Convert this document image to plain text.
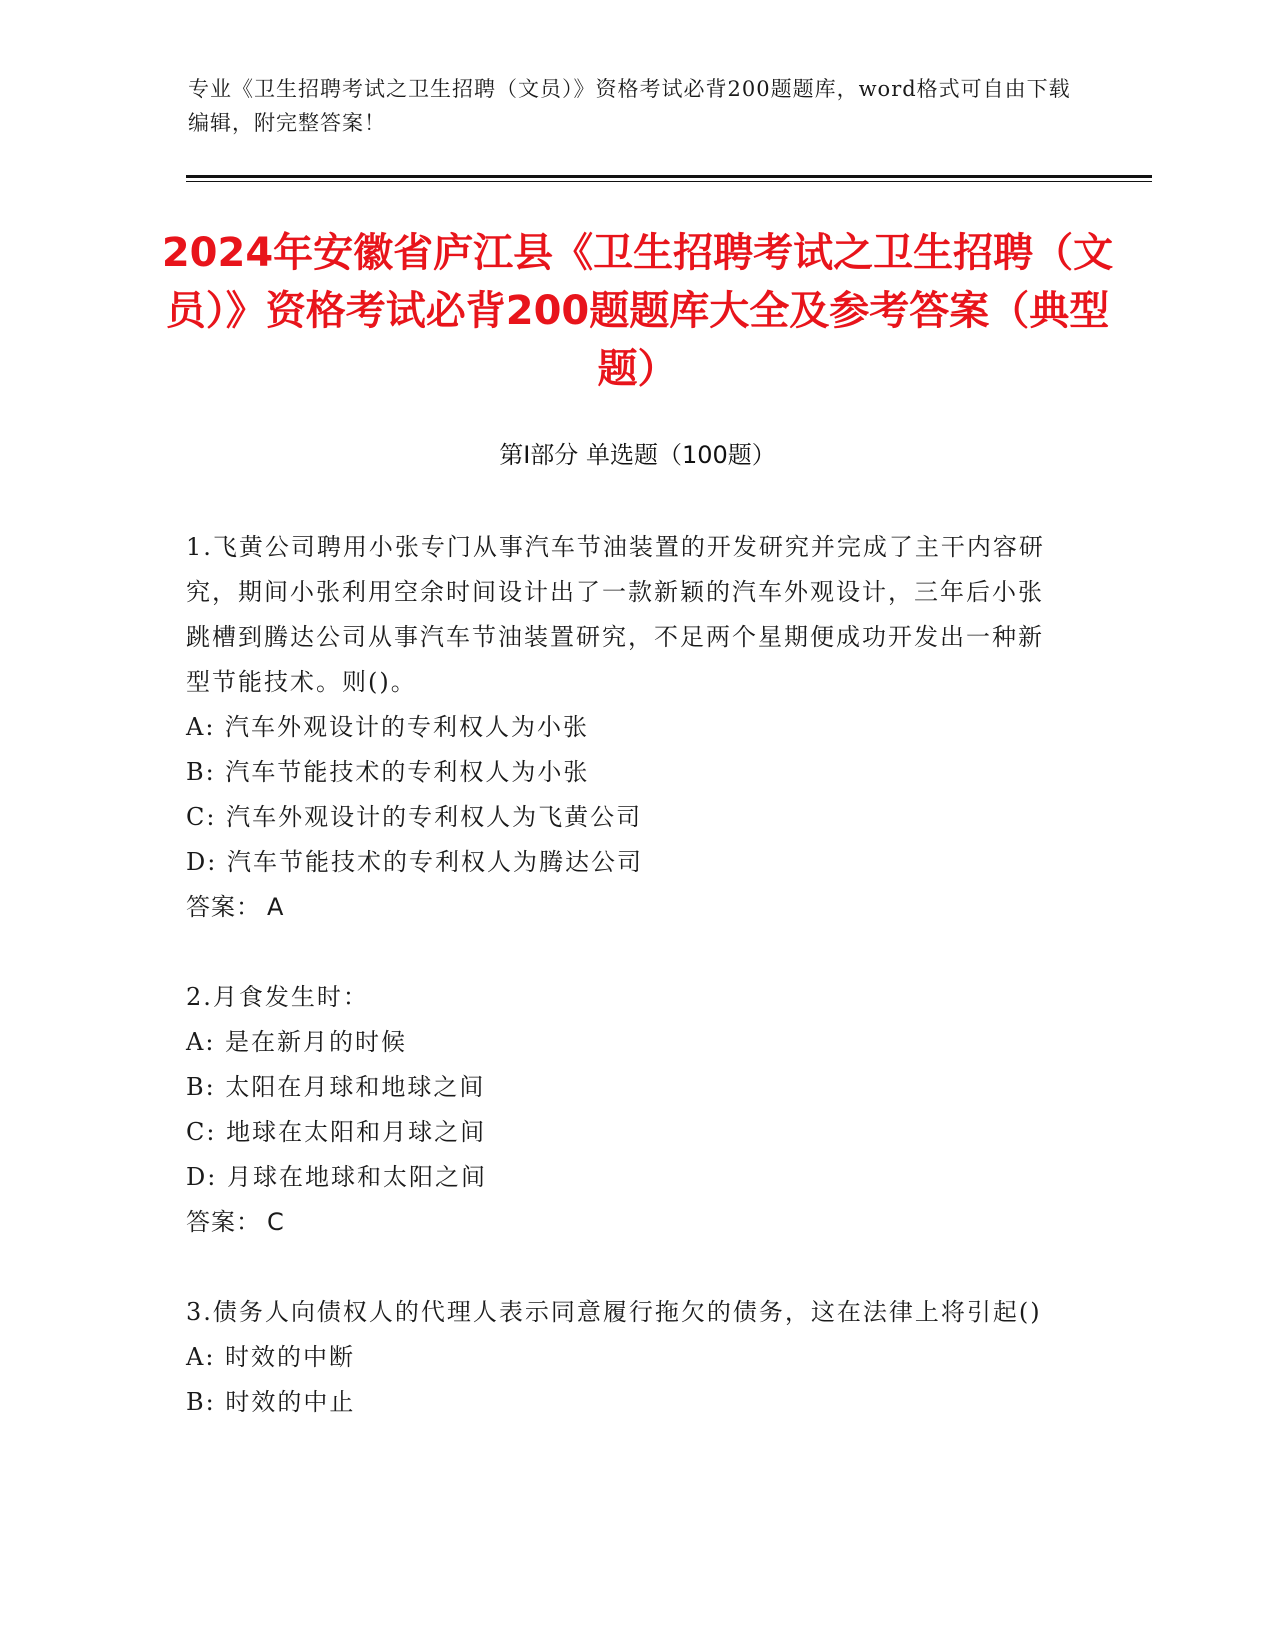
专业《卫生招聘考试之卫生招聘（文员）》资格考试必背200题题库，word格式可自由下载编辑，附完整答案！
2024年安徽省庐江县《卫生招聘考试之卫生招聘（文员）》资格考试必背200题题库大全及参考答案（典型题）
第Ⅰ部分 单选题（100题）

1.飞黄公司聘用小张专门从事汽车节油装置的开发研究并完成了主干内容研究，期间小张利用空余时间设计出了一款新颖的汽车外观设计，三年后小张跳槽到腾达公司从事汽车节油装置研究，不足两个星期便成功开发出一种新型节能技术。则()。

A: 汽车外观设计的专利权人为小张

B: 汽车节能技术的专利权人为小张

C: 汽车外观设计的专利权人为飞黄公司

D: 汽车节能技术的专利权人为腾达公司

答案： A

2.月食发生时：

A: 是在新月的时候

B: 太阳在月球和地球之间

C: 地球在太阳和月球之间

D: 月球在地球和太阳之间

答案： C

3.债务人向债权人的代理人表示同意履行拖欠的债务，这在法律上将引起()

A: 时效的中断

B: 时效的中止
